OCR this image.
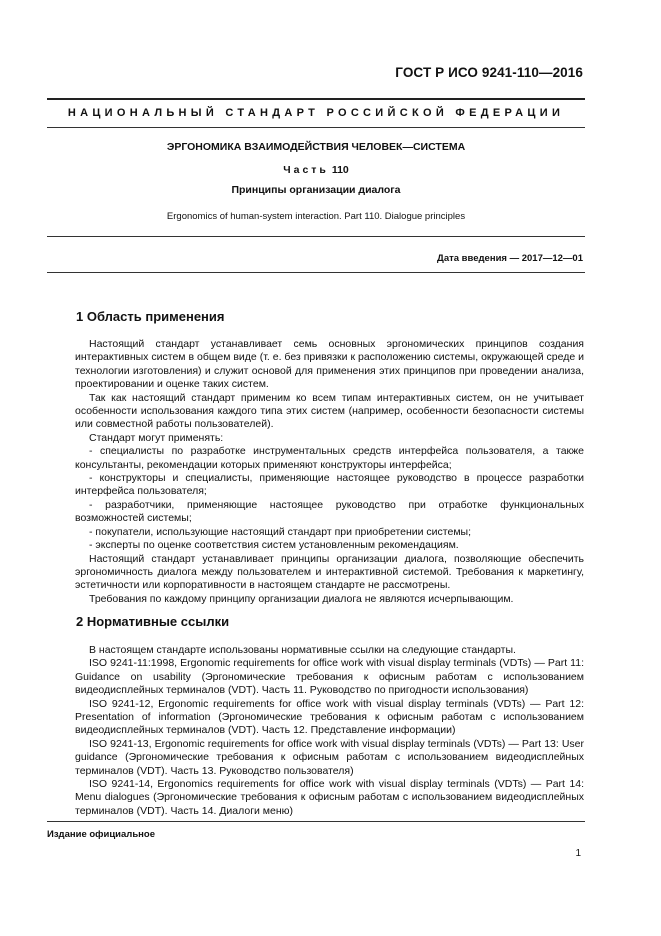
ГОСТ Р ИСО 9241-110—2016
НАЦИОНАЛЬНЫЙ СТАНДАРТ РОССИЙСКОЙ ФЕДЕРАЦИИ
ЭРГОНОМИКА ВЗАИМОДЕЙСТВИЯ ЧЕЛОВЕК—СИСТЕМА
Часть 110
Принципы организации диалога
Ergonomics of human-system interaction. Part 110. Dialogue principles
Дата введения — 2017—12—01
1 Область применения

Настоящий стандарт устанавливает семь основных эргономических принципов создания интерактивных систем в общем виде (т. е. без привязки к расположению системы, окружающей среде и технологии изготовления) и служит основой для применения этих принципов при проведении анализа, проектировании и оценке таких систем.

Так как настоящий стандарт применим ко всем типам интерактивных систем, он не учитывает особенности использования каждого типа этих систем (например, особенности безопасности системы или совместной работы пользователей).

Стандарт могут применять:

- специалисты по разработке инструментальных средств интерфейса пользователя, а также консультанты, рекомендации которых применяют конструкторы интерфейса;

- конструкторы и специалисты, применяющие настоящее руководство в процессе разработки интерфейса пользователя;

- разработчики, применяющие настоящее руководство при отработке функциональных возможностей системы;

- покупатели, использующие настоящий стандарт при приобретении системы;

- эксперты по оценке соответствия систем установленным рекомендациям.

Настоящий стандарт устанавливает принципы организации диалога, позволяющие обеспечить эргономичность диалога между пользователем и интерактивной системой. Требования к маркетингу, эстетичности или корпоративности в настоящем стандарте не рассмотрены.

Требования по каждому принципу организации диалога не являются исчерпывающим.

2 Нормативные ссылки

В настоящем стандарте использованы нормативные ссылки на следующие стандарты.

ISO 9241-11:1998, Ergonomic requirements for office work with visual display terminals (VDTs) — Part 11: Guidance on usability (Эргономические требования к офисным работам с использованием видеодисплейных терминалов (VDT). Часть 11. Руководство по пригодности использования)

ISO 9241-12, Ergonomic requirements for office work with visual display terminals (VDTs) — Part 12: Presentation of information (Эргономические требования к офисным работам с использованием видеодисплейных терминалов (VDT). Часть 12. Представление информации)

ISO 9241-13, Ergonomic requirements for office work with visual display terminals (VDTs) — Part 13: User guidance (Эргономические требования к офисным работам с использованием видеодисплейных терминалов (VDT). Часть 13. Руководство пользователя)

ISO 9241-14, Ergonomics requirements for office work with visual display terminals (VDTs) — Part 14: Menu dialogues (Эргономические требования к офисным работам с использованием видеодисплейных терминалов (VDT). Часть 14. Диалоги меню)

Издание официальное
1
